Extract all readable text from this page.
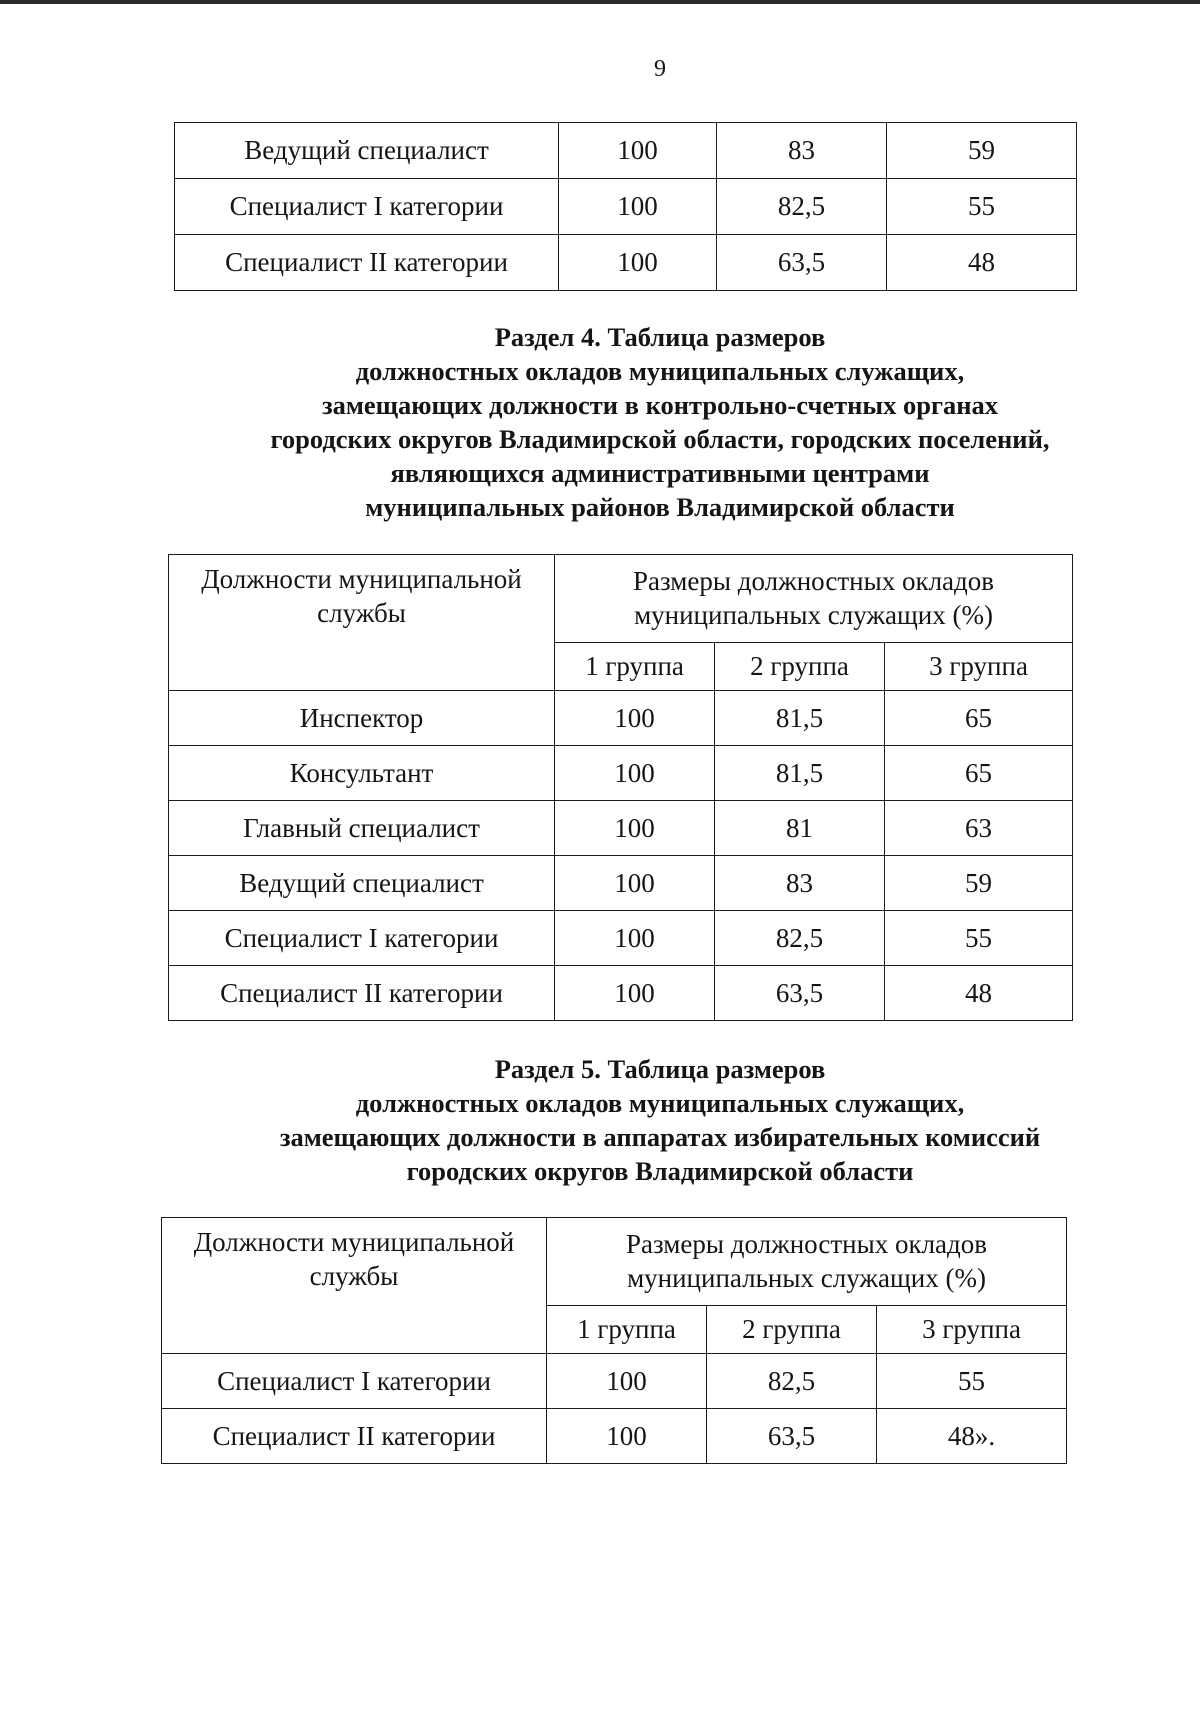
9
Ведущий специалист	100	83	59
Специалист I категории	100	82,5	55
Специалист II категории	100	63,5	48
Раздел 4. Таблица размеров
должностных окладов муниципальных служащих,
замещающих должности в контрольно-счетных органах
городских округов Владимирской области, городских поселений,
являющихся административными центрами
муниципальных районов Владимирской области
Должности муниципальной службы	Размеры должностных окладов муниципальных служащих (%)		
	1 группа	2 группа	3 группа
Инспектор	100	81,5	65
Консультант	100	81,5	65
Главный специалист	100	81	63
Ведущий специалист	100	83	59
Специалист I категории	100	82,5	55
Специалист II категории	100	63,5	48
Раздел 5. Таблица размеров
должностных окладов муниципальных служащих,
замещающих должности в аппаратах избирательных комиссий
городских округов Владимирской области
Должности муниципальной службы	Размеры должностных окладов муниципальных служащих (%)		
	1 группа	2 группа	3 группа
Специалист I категории	100	82,5	55
Специалист II категории	100	63,5	48».
